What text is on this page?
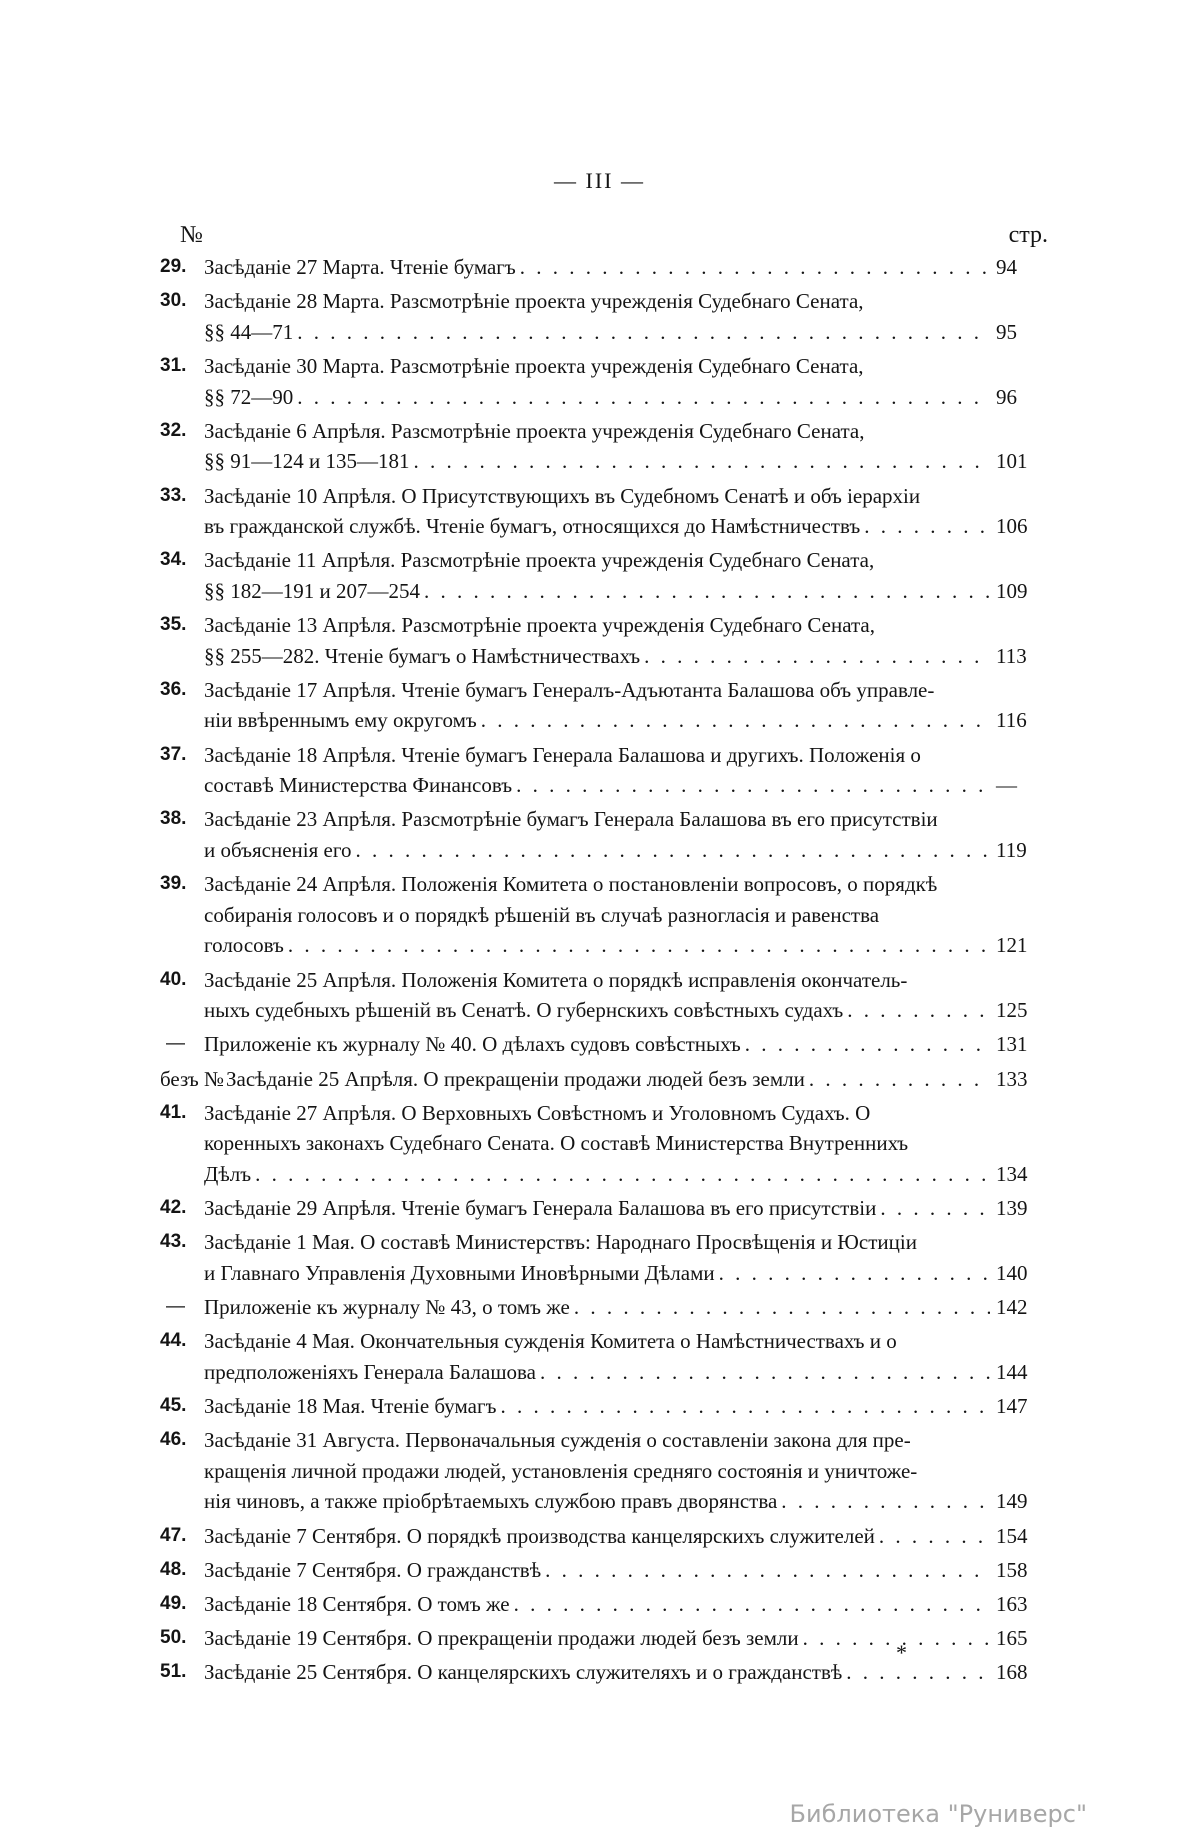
— III —
№	стр.
29. Засѣданіе 27 Марта. Чтеніе бумагъ . . .	94
30. Засѣданіе 28 Марта. Разсмотрѣніе проекта учрежденія Судебнаго Сената,
§§ 44—71 . . .	95
31. Засѣданіе 30 Марта. Разсмотрѣніе проекта учрежденія Судебнаго Сената,
§§ 72—90 . . .	96
32. Засѣданіе 6 Апрѣля. Разсмотрѣніе проекта учрежденія Судебнаго Сената,
§§ 91—124 и 135—181 . . .	101
33. Засѣданіе 10 Апрѣля. О Присутствующихъ въ Судебномъ Сенатѣ и объ іерархіи
въ гражданской службѣ. Чтеніе бумагъ, относящихся до Намѣстничествъ . . .	106
34. Засѣданіе 11 Апрѣля. Разсмотрѣніе проекта учрежденія Судебнаго Сената,
§§ 182—191 и 207—254 . . .	109
35. Засѣданіе 13 Апрѣля. Разсмотрѣніе проекта учрежденія Судебнаго Сената,
§§ 255—282. Чтеніе бумагъ о Намѣстничествахъ . . .	113
36. Засѣданіе 17 Апрѣля. Чтеніе бумагъ Генералъ-Адъютанта Балашова объ управле-
ніи ввѣреннымъ ему округомъ . . .	116
37. Засѣданіе 18 Апрѣля. Чтеніе бумагъ Генерала Балашова и другихъ. Положенія о
составѣ Министерства Финансовъ . . .	—
38. Засѣданіе 23 Апрѣля. Разсмотрѣніе бумагъ Генерала Балашова въ его присутствіи
и объясненія его . . .	119
39. Засѣданіе 24 Апрѣля. Положенія Комитета о постановленіи вопросовъ, о порядкѣ
собиранія голосовъ и о порядкѣ рѣшеній въ случаѣ разногласія и равенства
голосовъ . . .	121
40. Засѣданіе 25 Апрѣля. Положенія Комитета о порядкѣ исправленія окончатель-
ныхъ судебныхъ рѣшеній въ Сенатѣ. О губернскихъ совѣстныхъ судахъ . . .	125
— Приложеніе къ журналу № 40. О дѣлахъ судовъ совѣстныхъ . . .	131
безъ № Засѣданіе 25 Апрѣля. О прекращеніи продажи людей безъ земли . . .	133
41. Засѣданіе 27 Апрѣля. О Верховныхъ Совѣстномъ и Уголовномъ Судахъ. О
коренныхъ законахъ Судебнаго Сената. О составѣ Министерства Внутреннихъ
Дѣлъ . . .	134
42. Засѣданіе 29 Апрѣля. Чтеніе бумагъ Генерала Балашова въ его присутствіи . . .	139
43. Засѣданіе 1 Мая. О составѣ Министерствъ: Народнаго Просвѣщенія и Юстиціи
и Главнаго Управленія Духовными Иновѣрными Дѣлами . . .	140
— Приложеніе къ журналу № 43, о томъ же . . .	142
44. Засѣданіе 4 Мая. Окончательныя сужденія Комитета о Намѣстничествахъ и о
предположеніяхъ Генерала Балашова . . .	144
45. Засѣданіе 18 Мая. Чтеніе бумагъ . . .	147
46. Засѣданіе 31 Августа. Первоначальныя сужденія о составленіи закона для пре-
кращенія личной продажи людей, установленія средняго состоянія и уничтоже-
нія чиновъ, а также пріобрѣтаемыхъ службою правъ дворянства . . .	149
47. Засѣданіе 7 Сентября. О порядкѣ производства канцелярскихъ служителей . . .	154
48. Засѣданіе 7 Сентября. О гражданствѣ . . .	158
49. Засѣданіе 18 Сентября. О томъ же . . .	163
50. Засѣданіе 19 Сентября. О прекращеніи продажи людей безъ земли . . .	165
51. Засѣданіе 25 Сентября. О канцелярскихъ служителяхъ и о гражданствѣ . . .	168
*
Библиотека "Руниверс"
